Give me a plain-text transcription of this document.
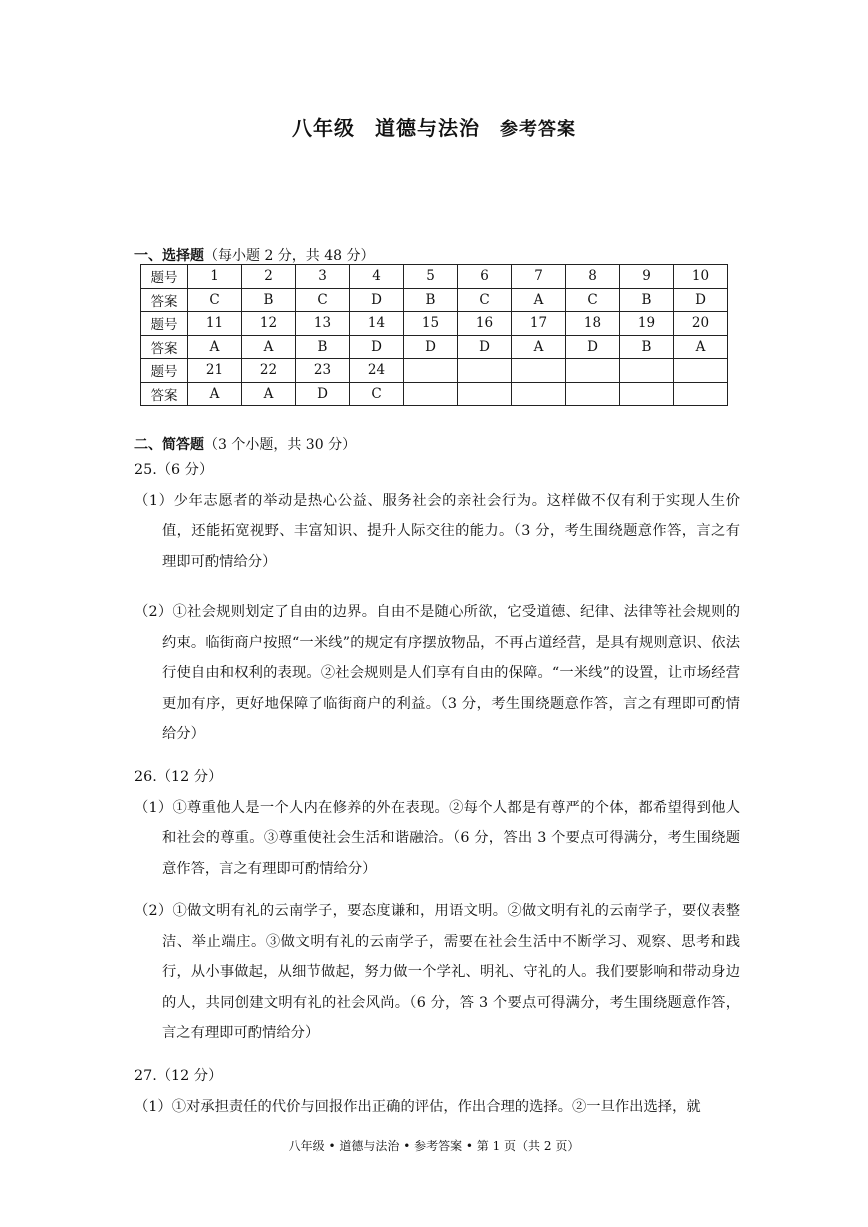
八年级 道德与法治 参考答案
一、选择题（每小题 2 分，共 48 分）
题号	1	2	3	4	5	6	7	8	9	10
答案	C	B	C	D	B	C	A	C	B	D
题号	11	12	13	14	15	16	17	18	19	20
答案	A	A	B	D	D	D	A	D	B	A
题号	21	22	23	24						
答案	A	A	D	C						
二、简答题（3 个小题，共 30 分）

25.（6 分）

（1）少年志愿者的举动是热心公益、服务社会的亲社会行为。这样做不仅有利于实现人生价值，还能拓宽视野、丰富知识、提升人际交往的能力。（3 分，考生围绕题意作答，言之有理即可酌情给分）

（2）①社会规则划定了自由的边界。自由不是随心所欲，它受道德、纪律、法律等社会规则的约束。临街商户按照“一米线”的规定有序摆放物品，不再占道经营，是具有规则意识、依法行使自由和权利的表现。②社会规则是人们享有自由的保障。“一米线”的设置，让市场经营更加有序，更好地保障了临街商户的利益。（3 分，考生围绕题意作答，言之有理即可酌情给分）

26.（12 分）

（1）①尊重他人是一个人内在修养的外在表现。②每个人都是有尊严的个体，都希望得到他人和社会的尊重。③尊重使社会生活和谐融洽。（6 分，答出 3 个要点可得满分，考生围绕题意作答，言之有理即可酌情给分）

（2）①做文明有礼的云南学子，要态度谦和，用语文明。②做文明有礼的云南学子，要仪表整洁、举止端庄。③做文明有礼的云南学子，需要在社会生活中不断学习、观察、思考和践行，从小事做起，从细节做起，努力做一个学礼、明礼、守礼的人。我们要影响和带动身边的人，共同创建文明有礼的社会风尚。（6 分，答 3 个要点可得满分，考生围绕题意作答，言之有理即可酌情给分）

27.（12 分）

（1）①对承担责任的代价与回报作出正确的评估，作出合理的选择。②一旦作出选择，就

八年级 • 道德与法治 • 参考答案 • 第 1 页（共 2 页）
